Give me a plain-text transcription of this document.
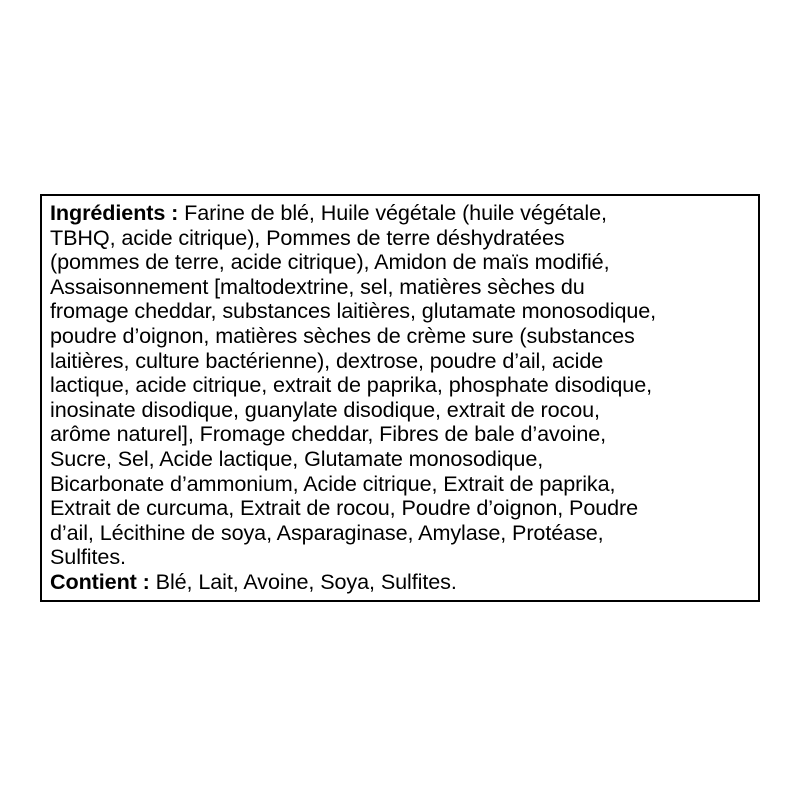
Ingrédients : Farine de blé, Huile végétale (huile végétale,
TBHQ, acide citrique), Pommes de terre déshydratées
(pommes de terre, acide citrique), Amidon de maïs modifié,
Assaisonnement [maltodextrine, sel, matières sèches du
fromage cheddar, substances laitières, glutamate monosodique,
poudre d’oignon, matières sèches de crème sure (substances
laitières, culture bactérienne), dextrose, poudre d’ail, acide
lactique, acide citrique, extrait de paprika, phosphate disodique,
inosinate disodique, guanylate disodique, extrait de rocou,
arôme naturel], Fromage cheddar, Fibres de bale d’avoine,
Sucre, Sel, Acide lactique, Glutamate monosodique,
Bicarbonate d’ammonium, Acide citrique, Extrait de paprika,
Extrait de curcuma, Extrait de rocou, Poudre d’oignon, Poudre
d’ail, Lécithine de soya, Asparaginase, Amylase, Protéase,
Sulfites.
Contient : Blé, Lait, Avoine, Soya, Sulfites.
